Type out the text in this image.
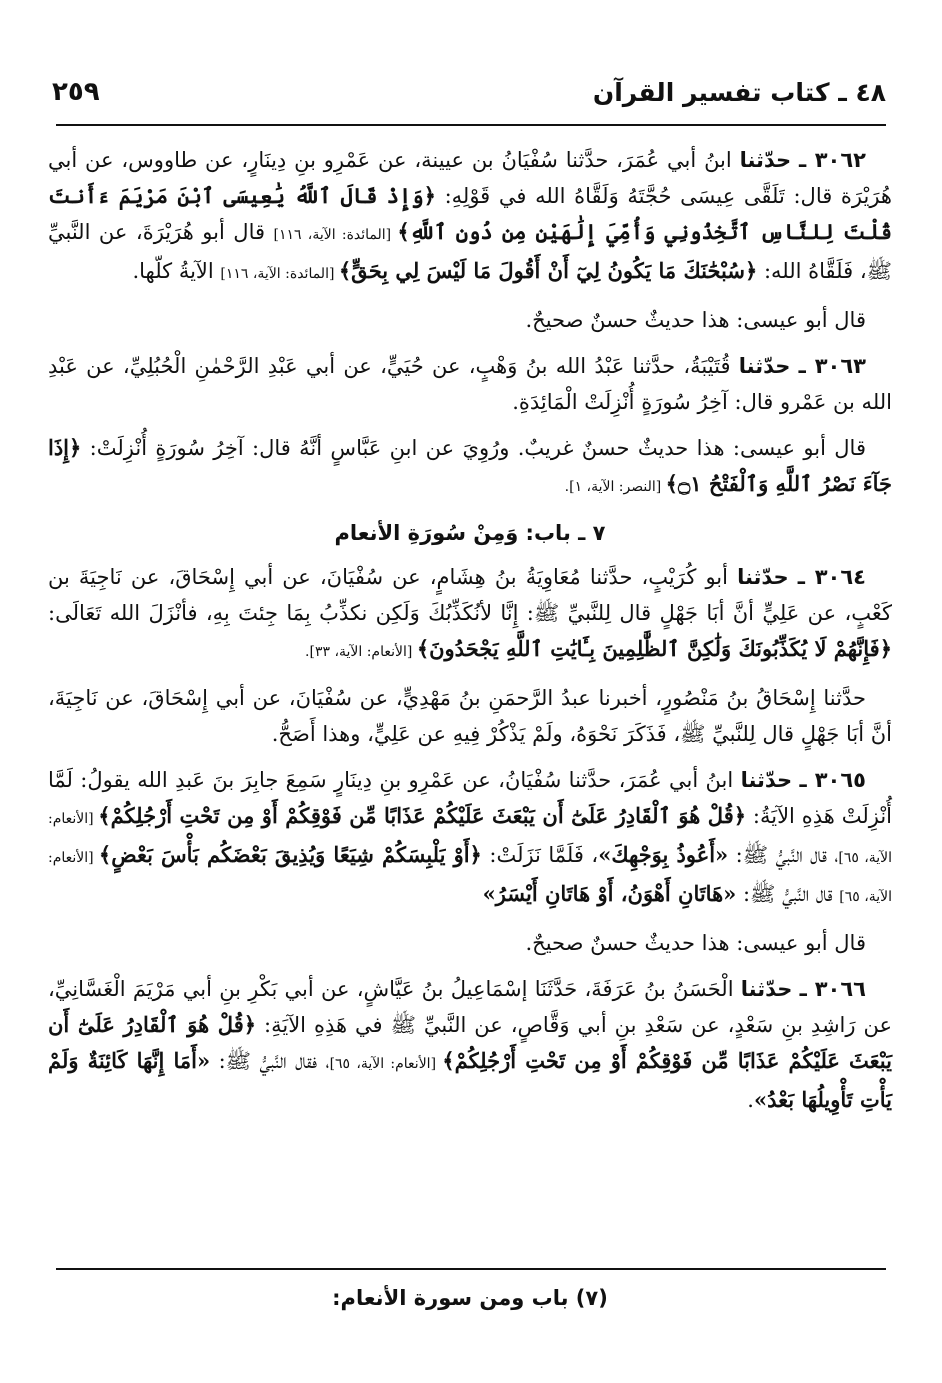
٤٨ ـ كتاب تفسير القرآن
٢٥٩

٣٠٦٢ ـ حدّثنا ابنُ أبي عُمَرَ، حدَّثنا سُفْيَانُ بن عيينة، عن عَمْرِو بنِ دِينَارٍ، عن طاووس، عن أبي هُرَيْرَة قال: تَلَقَّى عِيسَى حُجَّتَهُ وَلَقَّاهُ الله في قَوْلِهِ: ﴿وَإِذْ قَالَ ٱللَّهُ يَٰعِيسَى ٱبْنَ مَرْيَمَ ءَأَنتَ قُلْتَ لِلنَّاسِ ٱتَّخِذُونِي وَأُمِّيَ إِلَٰهَيْنِ مِن دُونِ ٱللَّهِ﴾ [المائدة: الآية، ١١٦] قال أبو هُرَيْرَةَ، عن النَّبيِّ ﷺ، فَلَقَّاهُ الله: ﴿سُبْحَٰنَكَ مَا يَكُونُ لِيٓ أَنْ أَقُولَ مَا لَيْسَ لِي بِحَقٍّ﴾ [المائدة: الآية، ١١٦] الآيةُ كلّها.

قال أبو عيسى: هذا حديثٌ حسنٌ صحيحٌ.

٣٠٦٣ ـ حدّثنا قُتَيْبَةُ، حدَّثنا عَبْدُ الله بنُ وَهْبٍ، عن حُيَيٍّ، عن أبي عَبْدِ الرَّحْمٰنِ الْحُبُلِيِّ، عن عَبْدِ الله بن عَمْرو قال: آخِرُ سُورَةٍ أُنْزِلَتْ الْمَائِدَةِ.

قال أبو عيسى: هذا حديثٌ حسنٌ غريبٌ. ورُوِيَ عن ابنِ عَبَّاسٍ أنَّهُ قال: آخِرُ سُورَةٍ أُنْزِلَتْ: ﴿إِذَا جَآءَ نَصْرُ ٱللَّهِ وَٱلْفَتْحُ ۝١﴾ [النصر: الآية، ١].

٧ ـ باب: وَمِنْ سُورَةِ الأنعام

٣٠٦٤ ـ حدّثنا أبو كُرَيْبٍ، حدَّثنا مُعَاوِيَةُ بنُ هِشَامٍ، عن سُفْيَانَ، عن أبي إِسْحَاقَ، عن نَاجِيَةَ بن كَعْبٍ، عن عَلِيٍّ أنَّ أبَا جَهْلٍ قال لِلنَّبيِّ ﷺ: إِنَّا لأنُكَذِّبُكَ وَلَكِن نكذِّبُ بِمَا جِئتَ بِهِ، فأنْزَلَ الله تَعَالَى: ﴿فَإِنَّهُمْ لَا يُكَذِّبُونَكَ وَلَٰكِنَّ ٱلظَّٰلِمِينَ بِـَٔايَٰتِ ٱللَّهِ يَجْحَدُونَ﴾ [الأنعام: الآية، ٣٣].

حدَّثنا إِسْحَاقُ بنُ مَنْصُورٍ، أخبرنا عبدُ الرَّحمَنِ بنُ مَهْدِيٍّ، عن سُفْيَانَ، عن أبي إِسْحَاقَ، عن نَاجِيَةَ، أنَّ أبَا جَهْلٍ قال لِلنَّبيِّ ﷺ، فَذَكَرَ نَحْوَهُ، ولَمْ يَذْكُرْ فِيهِ عن عَلِيٍّ، وهذا أَصَحُّ.

٣٠٦٥ ـ حدّثنا ابنُ أبي عُمَرَ، حدَّثنا سُفْيَانُ، عن عَمْرِو بنِ دِينَارٍ سَمِعَ جابِرَ بنَ عَبدِ الله يقولُ: لَمَّا أُنْزِلَتْ هَذِهِ الآيَةُ: ﴿قُلْ هُوَ ٱلْقَادِرُ عَلَىٰٓ أَن يَبْعَثَ عَلَيْكُمْ عَذَابًا مِّن فَوْقِكُمْ أَوْ مِن تَحْتِ أَرْجُلِكُمْ﴾ [الأنعام: الآية، ٦٥]، قال النَّبيُّ ﷺ: «أَعُوذُ بِوَجْهِكَ»، فَلَمَّا نَزَلَتْ: ﴿أَوْ يَلْبِسَكُمْ شِيَعًا وَيُذِيقَ بَعْضَكُم بَأْسَ بَعْضٍ﴾ [الأنعام: الآية، ٦٥] قال النَّبيُّ ﷺ: «هَاتَانِ أَهْوَنُ، أَوْ هَاتَانِ أَيْسَرُ»

قال أبو عيسى: هذا حديثٌ حسنٌ صحيحٌ.

٣٠٦٦ ـ حدّثنا الْحَسَنُ بنُ عَرَفَةَ، حَدَّثَنَا إسْمَاعِيلُ بنُ عَيَّاشٍ، عن أبي بَكْرِ بنِ أبي مَرْيَمَ الْغَسَّانِيِّ، عن رَاشِدِ بنِ سَعْدٍ، عن سَعْدِ بنِ أبي وَقَّاصٍ، عن النَّبيِّ ﷺ في هَذِهِ الآيَةِ: ﴿قُلْ هُوَ ٱلْقَادِرُ عَلَىٰٓ أَن يَبْعَثَ عَلَيْكُمْ عَذَابًا مِّن فَوْقِكُمْ أَوْ مِن تَحْتِ أَرْجُلِكُمْ﴾ [الأنعام: الآية، ٦٥]، فقال النَّبيُّ ﷺ: «أَمَا إِنَّهَا كَائِنَةٌ وَلَمْ يَأْتِ تَأْوِيلُهَا بَعْدُ».

(٧) باب ومن سورة الأنعام:
